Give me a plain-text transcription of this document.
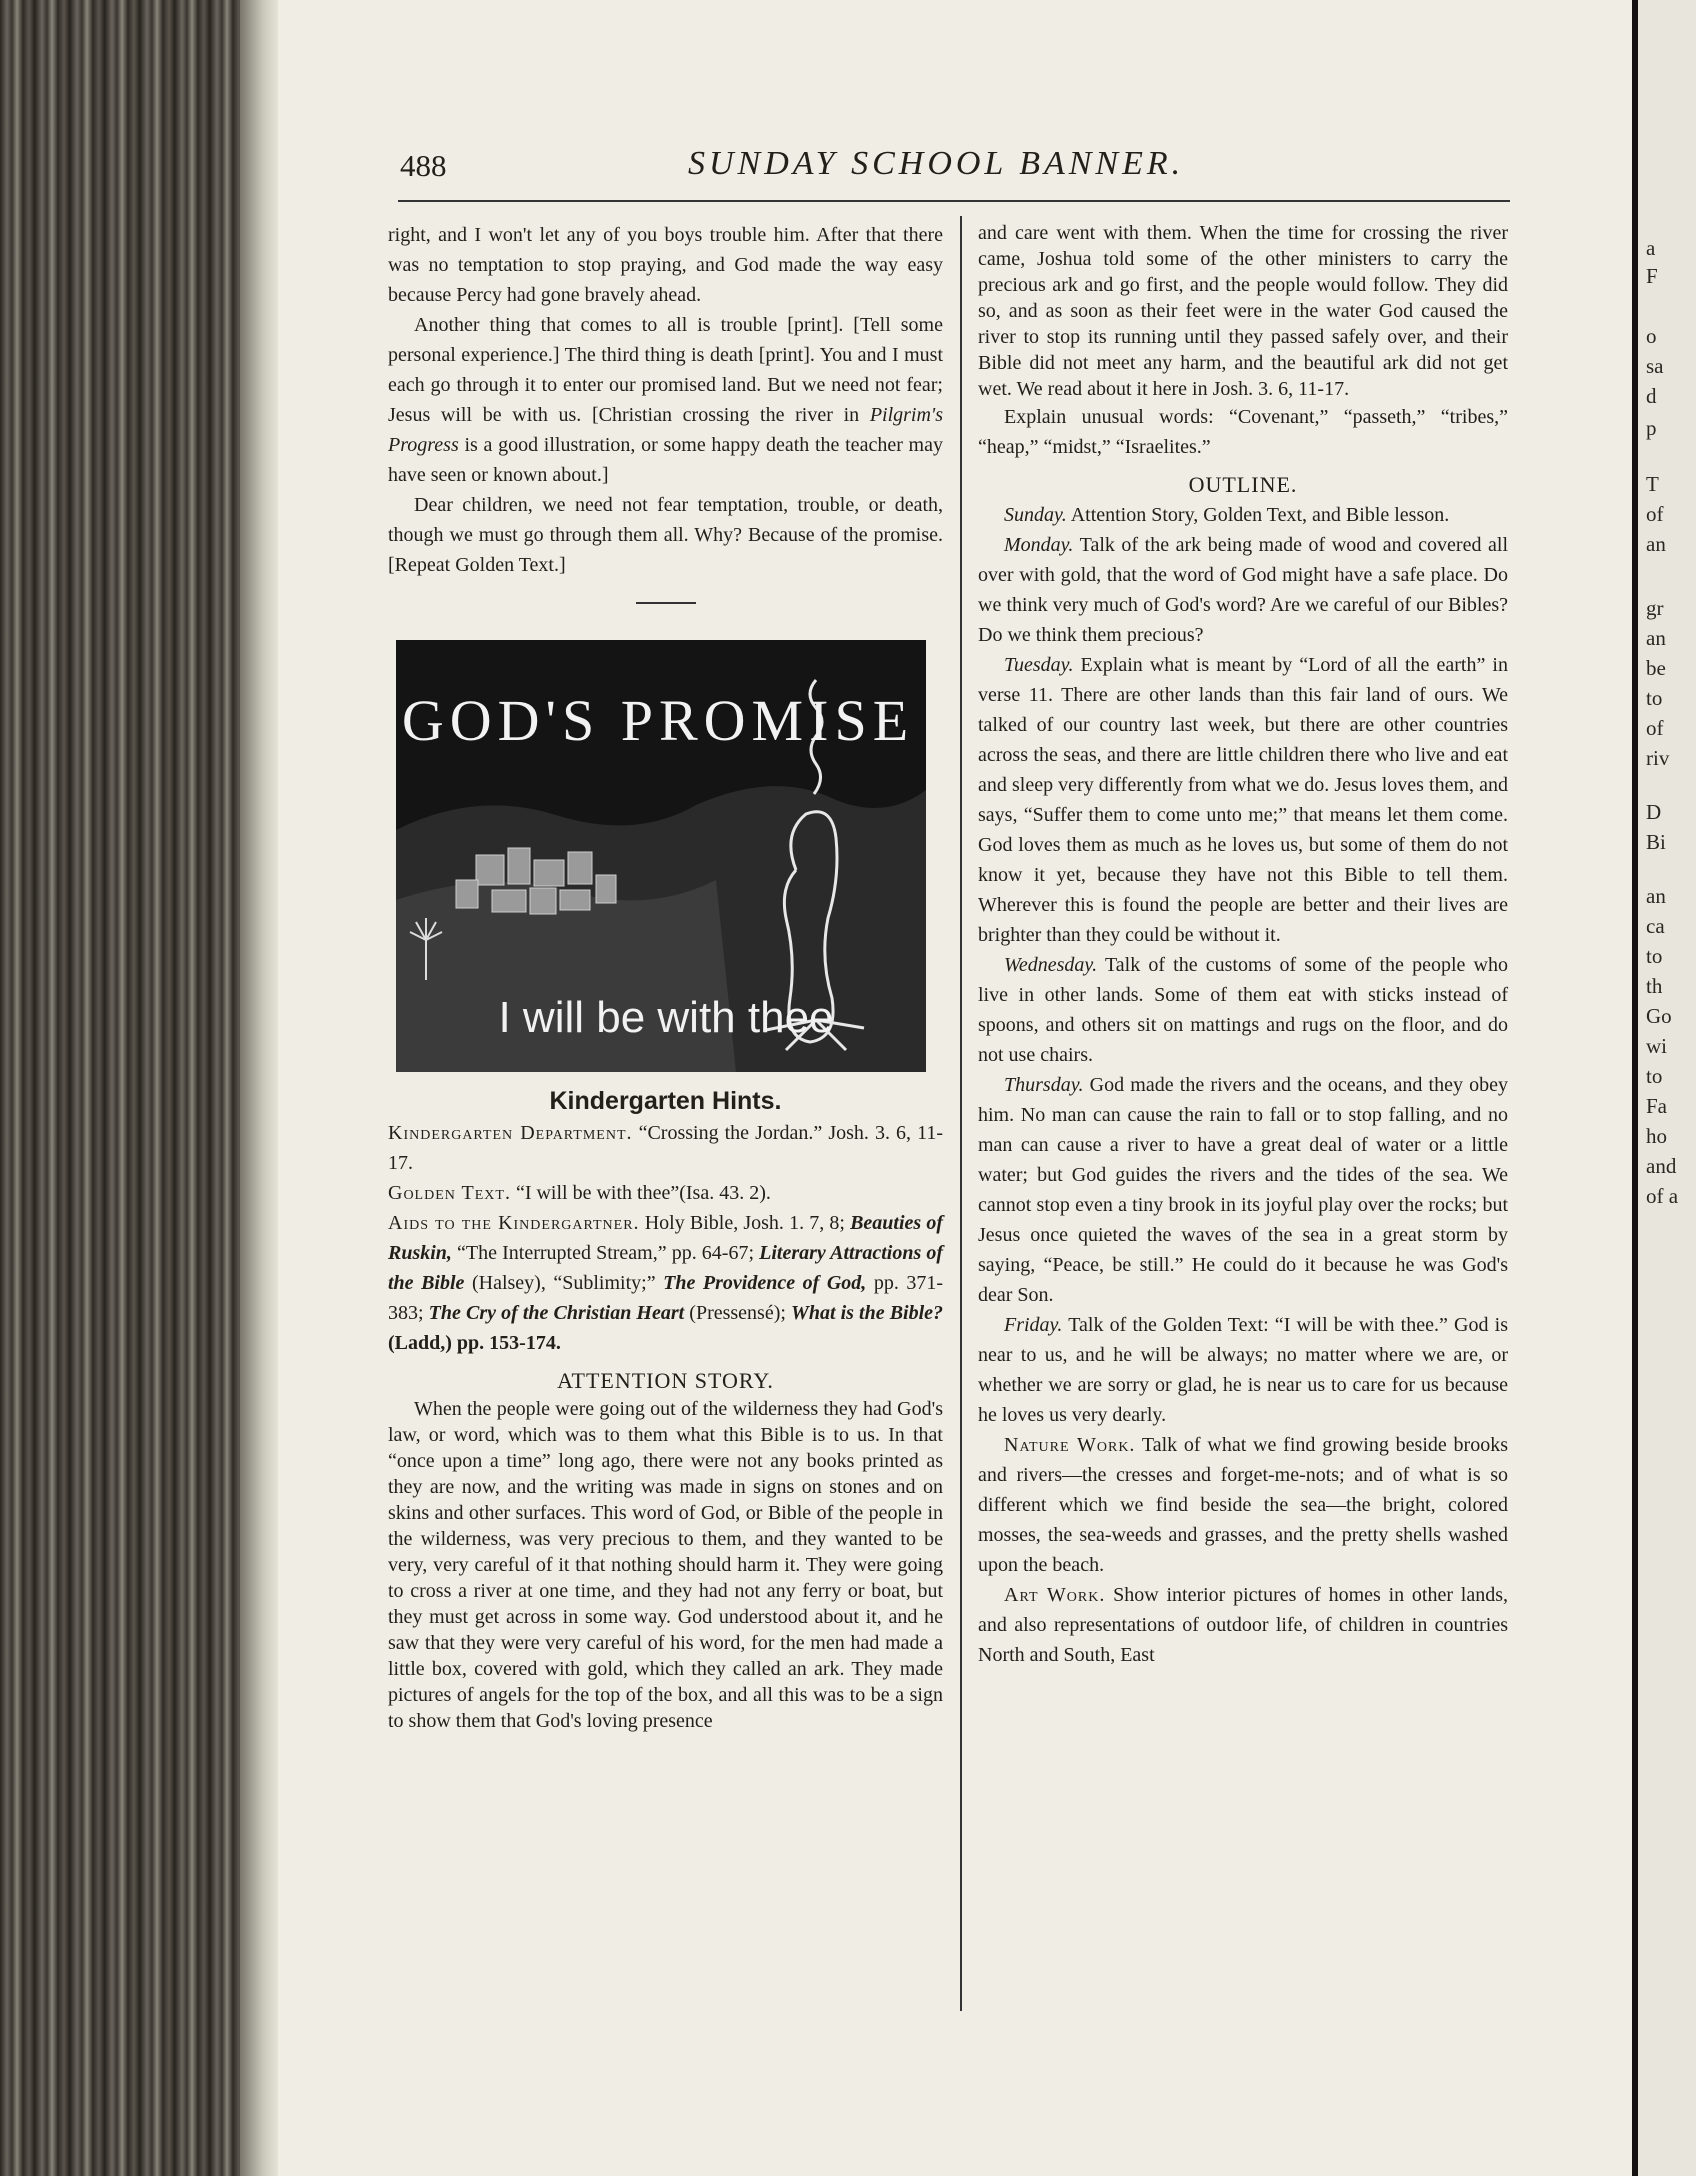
488	SUNDAY SCHOOL BANNER.

right, and I won't let any of you boys trouble him. After that there was no temptation to stop praying, and God made the way easy because Percy had gone bravely ahead.

Another thing that comes to all is trouble [print]. [Tell some personal experience.] The third thing is death [print]. You and I must each go through it to enter our promised land. But we need not fear; Jesus will be with us. [Christian crossing the river in Pilgrim's Progress is a good illustration, or some happy death the teacher may have seen or known about.]

Dear children, we need not fear temptation, trouble, or death, though we must go through them all. Why? Because of the promise. [Repeat Golden Text.]

GOD'S PROMISE
I will be with thee
Kindergarten Hints.

Kindergarten Department. “Crossing the Jordan.” Josh. 3. 6, 11-17.

Golden Text. “I will be with thee”(Isa. 43. 2).

Aids to the Kindergartner. Holy Bible, Josh. 1. 7, 8; Beauties of Ruskin, “The Interrupted Stream,” pp. 64-67; Literary Attractions of the Bible (Halsey), “Sublimity;” The Providence of God, pp. 371-383; The Cry of the Christian Heart (Pressensé); What is the Bible? (Ladd,) pp. 153-174.

ATTENTION STORY.

When the people were going out of the wilderness they had God's law, or word, which was to them what this Bible is to us. In that “once upon a time” long ago, there were not any books printed as they are now, and the writing was made in signs on stones and on skins and other surfaces. This word of God, or Bible of the people in the wilderness, was very precious to them, and they wanted to be very, very careful of it that nothing should harm it. They were going to cross a river at one time, and they had not any ferry or boat, but they must get across in some way. God understood about it, and he saw that they were very careful of his word, for the men had made a little box, covered with gold, which they called an ark. They made pictures of angels for the top of the box, and all this was to be a sign to show them that God's loving presence

and care went with them. When the time for crossing the river came, Joshua told some of the other ministers to carry the precious ark and go first, and the people would follow. They did so, and as soon as their feet were in the water God caused the river to stop its running until they passed safely over, and their Bible did not meet any harm, and the beautiful ark did not get wet. We read about it here in Josh. 3. 6, 11-17.

Explain unusual words: “Covenant,” “passeth,” “tribes,” “heap,” “midst,” “Israelites.”

OUTLINE.

Sunday. Attention Story, Golden Text, and Bible lesson.

Monday. Talk of the ark being made of wood and covered all over with gold, that the word of God might have a safe place. Do we think very much of God's word? Are we careful of our Bibles? Do we think them precious?

Tuesday. Explain what is meant by “Lord of all the earth” in verse 11. There are other lands than this fair land of ours. We talked of our country last week, but there are other countries across the seas, and there are little children there who live and eat and sleep very differently from what we do. Jesus loves them, and says, “Suffer them to come unto me;” that means let them come. God loves them as much as he loves us, but some of them do not know it yet, because they have not this Bible to tell them. Wherever this is found the people are better and their lives are brighter than they could be without it.

Wednesday. Talk of the customs of some of the people who live in other lands. Some of them eat with sticks instead of spoons, and others sit on mattings and rugs on the floor, and do not use chairs.

Thursday. God made the rivers and the oceans, and they obey him. No man can cause the rain to fall or to stop falling, and no man can cause a river to have a great deal of water or a little water; but God guides the rivers and the tides of the sea. We cannot stop even a tiny brook in its joyful play over the rocks; but Jesus once quieted the waves of the sea in a great storm by saying, “Peace, be still.” He could do it because he was God's dear Son.

Friday. Talk of the Golden Text: “I will be with thee.” God is near to us, and he will be always; no matter where we are, or whether we are sorry or glad, he is near us to care for us because he loves us very dearly.

Nature Work. Talk of what we find growing beside brooks and rivers—the cresses and forget-me-nots; and of what is so different which we find beside the sea—the bright, colored mosses, the sea-weeds and grasses, and the pretty shells washed upon the beach.

Art Work. Show interior pictures of homes in other lands, and also representations of outdoor life, of children in countries North and South, East

a
F
o
sa
d
p
T
of
an
gr
an
be
to
of
riv
D
Bi
an
ca
to
th
Go
wi
to
Fa
ho
and
of a
